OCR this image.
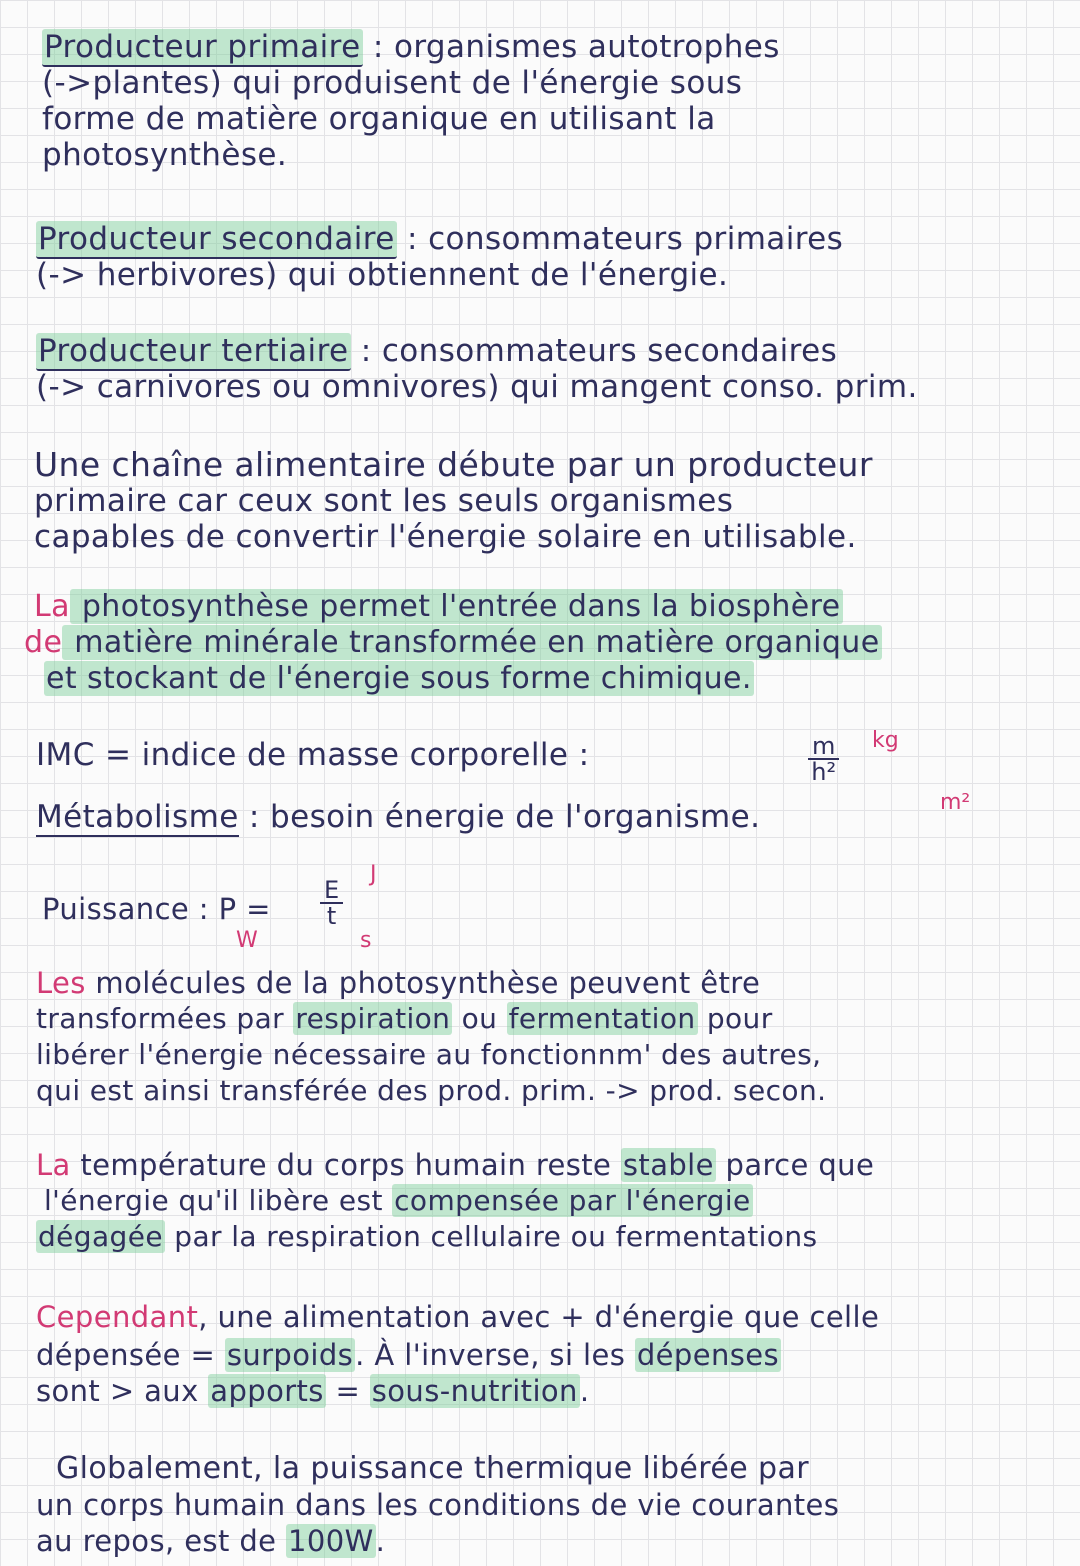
Producteur primaire : organismes autotrophes
(->plantes) qui produisent de l'énergie sous
forme de matière organique en utilisant la
photosynthèse.
Producteur secondaire : consommateurs primaires
(-> herbivores) qui obtiennent de l'énergie.
Producteur tertiaire : consommateurs secondaires
(-> carnivores ou omnivores) qui mangent conso. prim.
Une chaîne alimentaire débute par un producteur
primaire car ceux sont les seuls organismes
capables de convertir l'énergie solaire en utilisable.
La photosynthèse permet l'entrée dans la biosphère
de matière minérale transformée en matière organique
et stockant de l'énergie sous forme chimique.
IMC = indice de masse corporelle :	$\frac{m}{\text{h²}}$ kg
m²
Métabolisme : besoin énergie de l'organisme.
Puissance : $P = \frac{E}{t}$
J
s
W
Les molécules de la photosynthèse peuvent être
transformées par respiration ou fermentation pour
libérer l'énergie nécessaire au fonctionnm' des autres,
qui est ainsi transférée des prod. prim. -> prod. secon.
La température du corps humain reste stable parce que
l'énergie qu'il libère est compensée par l'énergie
dégagée par la respiration cellulaire ou fermentations
Cependant, une alimentation avec + d'énergie que celle
dépensée = surpoids. À l'inverse, si les dépenses
sont > aux apports = sous-nutrition.
Globalement, la puissance thermique libérée par
un corps humain dans les conditions de vie courantes
au repos, est de 100W.
